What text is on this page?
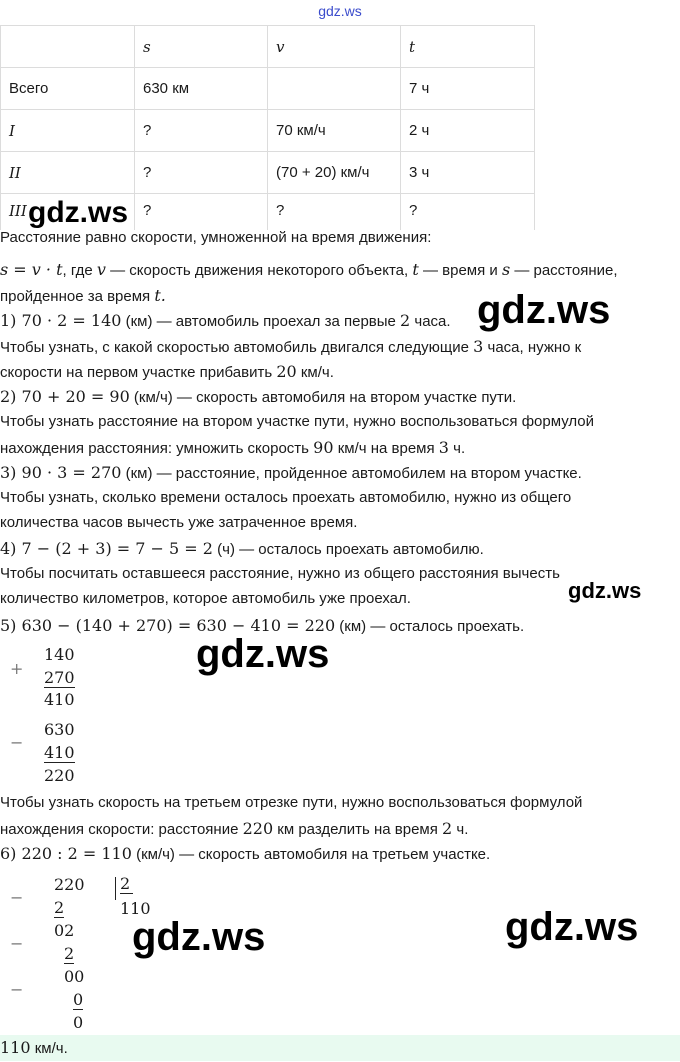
gdz.ws
	s	v	t
Всего	630 км		7 ч
I	?	70 км/ч	2 ч
II	?	(70 + 20) км/ч	3 ч
III	?	?	?
Расстояние равно скорости, умноженной на время движения:
s = v · t, где v — скорость движения некоторого объекта, t — время и s — расстояние,
пройденное за время t.
1) 70 · 2 = 140 (км) — автомобиль проехал за первые 2 часа.
Чтобы узнать, с какой скоростью автомобиль двигался следующие 3 часа, нужно к
скорости на первом участке прибавить 20 км/ч.
2) 70 + 20 = 90 (км/ч) — скорость автомобиля на втором участке пути.
Чтобы узнать расстояние на втором участке пути, нужно воспользоваться формулой
нахождения расстояния: умножить скорость 90 км/ч на время 3 ч.
3) 90 · 3 = 270 (км) — расстояние, пройденное автомобилем на втором участке.
Чтобы узнать, сколько времени осталось проехать автомобилю, нужно из общего
количества часов вычесть уже затраченное время.
4) 7 − (2 + 3) = 7 − 5 = 2 (ч) — осталось проехать автомобилю.
Чтобы посчитать оставшееся расстояние, нужно из общего расстояния вычесть
количество километров, которое автомобиль уже проехал.
5) 630 − (140 + 270) = 630 − 410 = 220 (км) — осталось проехать.
+
140
270
410
−
630
410
220
Чтобы узнать скорость на третьем отрезке пути, нужно воспользоваться формулой
нахождения скорости: расстояние 220 км разделить на время 2 ч.
6) 220 : 2 = 110 (км/ч) — скорость автомобиля на третьем участке.
−
−
−
220
2
02
2
00
0
0
2
110
110 км/ч.
gdz.ws
gdz.ws
gdz.ws
gdz.ws
gdz.ws	gdz.ws
